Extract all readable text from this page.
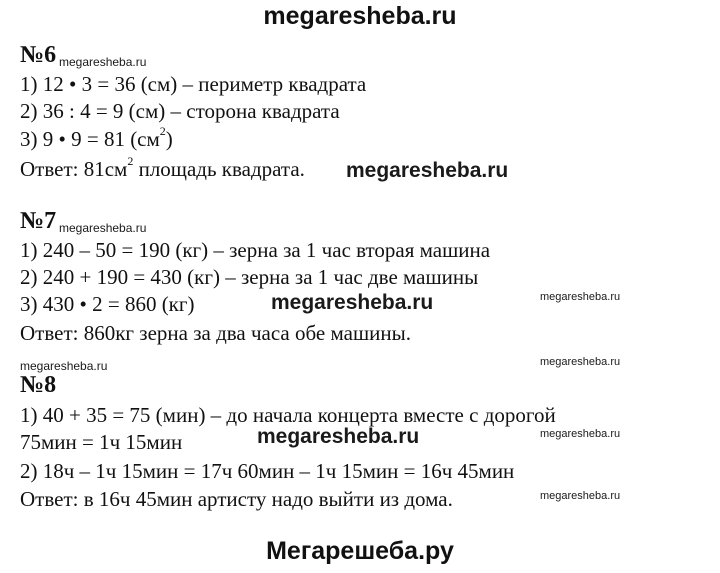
megaresheba.ru
№6 megaresheba.ru
1) 12 • 3 = 36 (см) – периметр квадрата
2) 36 : 4 = 9 (см) – сторона квадрата
3) 9 • 9 = 81 $(см^2)$
Ответ: $81см^2$ площадь квадрата. megaresheba.ru
№7 megaresheba.ru
1) 240 – 50 = 190 (кг) – зерна за 1 час вторая машина
2) 240 + 190 = 430 (кг) – зерна за 1 час две машины
3) 430 • 2 = 860 (кг)	megaresheba.ru	megaresheba.ru
Ответ: 860кг зерна за два часа обе машины.
megaresheba.ru	megaresheba.ru
№8
1) 40 + 35 = 75 (мин) – до начала концерта вместе с дорогой
75мин = 1ч 15мин	megaresheba.ru	megaresheba.ru
2) 18ч – 1ч 15мин = 17ч 60мин – 1ч 15мин = 16ч 45мин
Ответ: в 16ч 45мин артисту надо выйти из дома.	megaresheba.ru
Мегарешеба.ру
